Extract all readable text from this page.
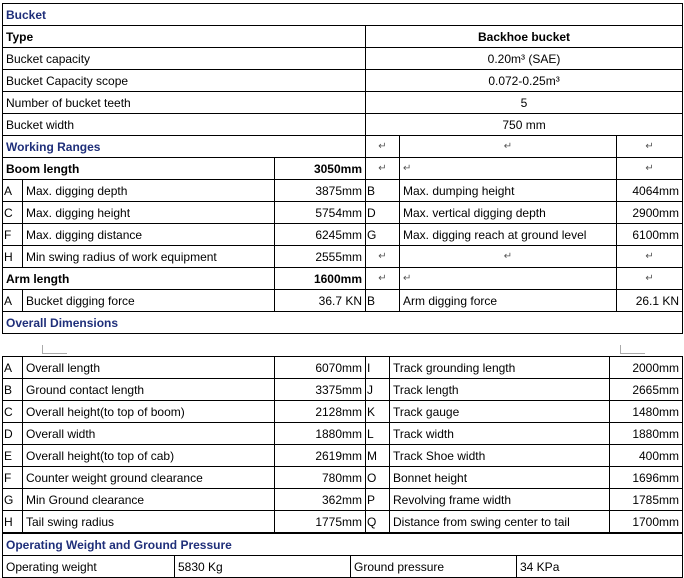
Bucket					
Type			Backhoe bucket		
Bucket capacity			0.20m³ (SAE)		
Bucket Capacity scope			0.072-0.25m³		
Number of bucket teeth			5		
Bucket width			750 mm		
Working Ranges			↵	↵	↵
Boom length		3050mm	↵	↵	↵
A	Max. digging depth	3875mm	B	Max. dumping height	4064mm
C	Max. digging height	5754mm	D	Max. vertical digging depth	2900mm
F	Max. digging distance	6245mm	G	Max. digging reach at ground level	6100mm
H	Min swing radius of work equipment	2555mm	↵	↵	↵
Arm length		1600mm	↵	↵	↵
A	Bucket digging force	36.7 KN	B	Arm digging force	26.1 KN
Overall Dimensions					
A	Overall length	6070mm	I	Track grounding length	2000mm
B	Ground contact length	3375mm	J	Track length	2665mm
C	Overall height(to top of boom)	2128mm	K	Track gauge	1480mm
D	Overall width	1880mm	L	Track width	1880mm
E	Overall height(to top of cab)	2619mm	M	Track Shoe width	400mm
F	Counter weight ground clearance	780mm	O	Bonnet height	1696mm
G	Min Ground clearance	362mm	P	Revolving frame width	1785mm
H	Tail swing radius	1775mm	Q	Distance from swing center to tail	1700mm
Operating Weight and Ground Pressure
Operating weight	5830 Kg	Ground pressure	34 KPa
